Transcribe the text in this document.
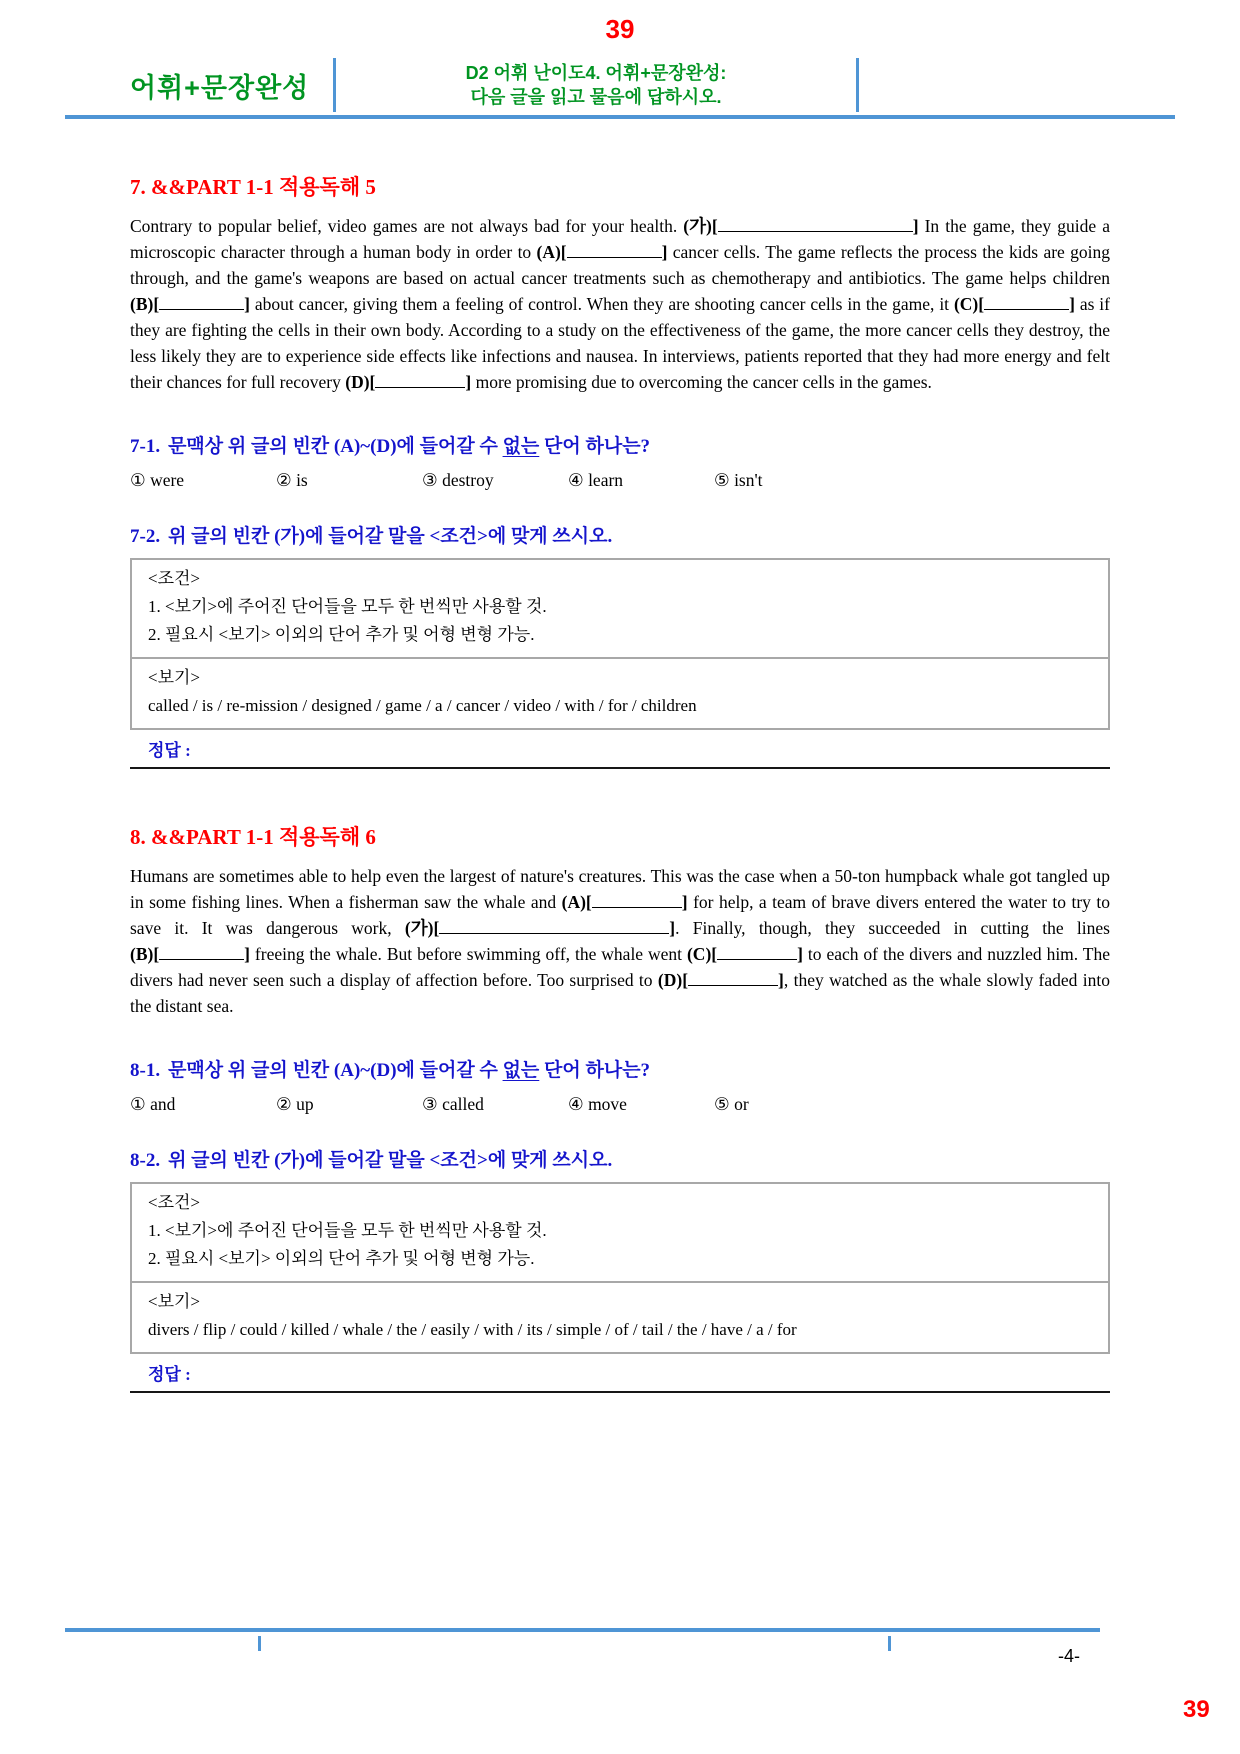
39
어휘+문장완성	D2 어휘 난이도4. 어휘+문장완성:
다음 글을 읽고 물음에 답하시오.
7. &&PART 1-1 적용독해 5
Contrary to popular belief, video games are not always bad for your health. (가)[	] In the game, they guide a microscopic character through a human body in order to (A)[	] cancer cells. The game reflects the process the kids are going through, and the game's weapons are based on actual cancer treatments such as chemotherapy and antibiotics. The game helps children (B)[	] about cancer, giving them a feeling of control. When they are shooting cancer cells in the game, it (C)[	] as if they are fighting the cells in their own body. According to a study on the effectiveness of the game, the more cancer cells they destroy, the less likely they are to experience side effects like infections and nausea. In interviews, patients reported that they had more energy and felt their chances for full recovery (D)[	] more promising due to overcoming the cancer cells in the games.
7-1. 문맥상 위 글의 빈칸 (A)~(D)에 들어갈 수 없는 단어 하나는?
① were	② is	③ destroy	④ learn	⑤ isn't
7-2. 위 글의 빈칸 (가)에 들어갈 말을 <조건>에 맞게 쓰시오.
<조건>
1. <보기>에 주어진 단어들을 모두 한 번씩만 사용할 것.
2. 필요시 <보기> 이외의 단어 추가 및 어형 변형 가능.
<보기>
called / is / re-mission / designed / game / a / cancer / video / with / for / children
정답 :
8. &&PART 1-1 적용독해 6
Humans are sometimes able to help even the largest of nature's creatures. This was the case when a 50-ton humpback whale got tangled up in some fishing lines. When a fisherman saw the whale and (A)[	] for help, a team of brave divers entered the water to try to save it. It was dangerous work, (가)[	]. Finally, though, they succeeded in cutting the lines (B)[	] freeing the whale. But before swimming off, the whale went (C)[	] to each of the divers and nuzzled him. The divers had never seen such a display of affection before. Too surprised to (D)[	], they watched as the whale slowly faded into the distant sea.
8-1. 문맥상 위 글의 빈칸 (A)~(D)에 들어갈 수 없는 단어 하나는?
① and	② up	③ called	④ move	⑤ or
8-2. 위 글의 빈칸 (가)에 들어갈 말을 <조건>에 맞게 쓰시오.
<조건>
1. <보기>에 주어진 단어들을 모두 한 번씩만 사용할 것.
2. 필요시 <보기> 이외의 단어 추가 및 어형 변형 가능.
<보기>
divers / flip / could / killed / whale / the / easily / with / its / simple / of / tail / the / have / a / for
정답 :
-4-
39
